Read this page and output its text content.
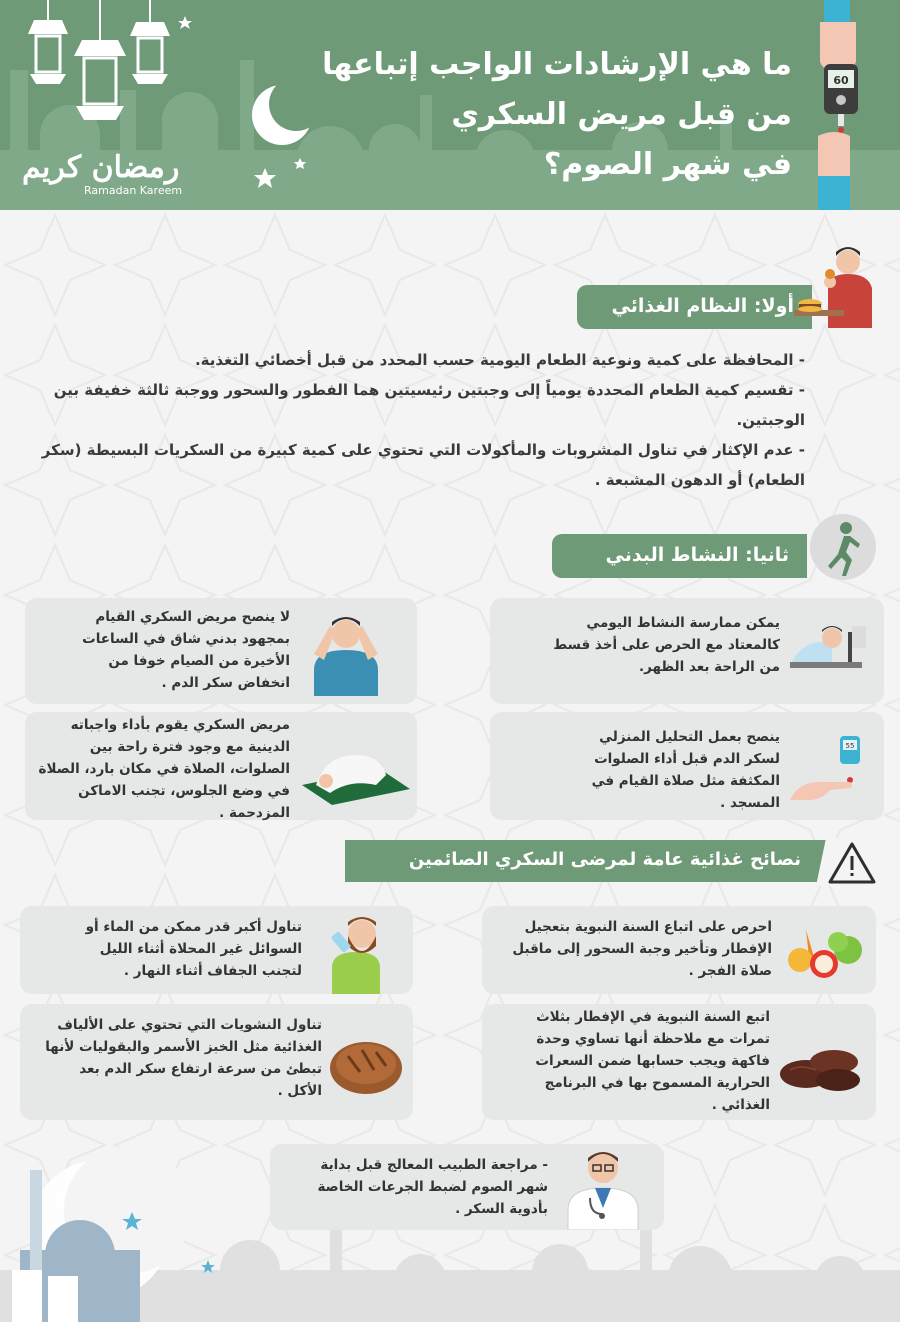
ما هي الإرشادات الواجب إتباعها
من قبل مريض السكري
في شهر الصوم؟
رمضان كريم
Ramadan Kareem
60
أولا: النظام الغذائي

- المحافظة على كمية ونوعية الطعام اليومية حسب المحدد من قبل أخصائي التغذية.

- تقسيم كمية الطعام المحددة يومياً إلى وجبتين رئيسيتين هما الفطور والسحور ووجبة ثالثة خفيفة بين الوجبتين.

- عدم الإكثار في تناول المشروبات والمأكولات التي تحتوي على كمية كبيرة من السكريات البسيطة (سكر الطعام) أو الدهون المشبعة .

ثانيا: النشاط البدني
يمكن ممارسة النشاط اليومي كالمعتاد مع الحرص على أخذ قسط من الراحة بعد الظهر.
لا ينصح مريض السكري القيام بمجهود بدني شاق في الساعات الأخيرة من الصيام خوفا من انخفاض سكر الدم .
ينصح بعمل التحليل المنزلي لسكر الدم قبل أداء الصلوات المكثفة مثل صلاة القيام في المسجد .
55
مريض السكري يقوم بأداء واجباته الدينية مع وجود فترة راحة بين الصلوات، الصلاة في مكان بارد، الصلاة في وضع الجلوس، تجنب الاماكن المزدحمة .
نصائح غذائية عامة لمرضى السكري الصائمين
احرص على اتباع السنة النبوية بتعجيل الإفطار وتأخير وجبة السحور إلى ماقبل صلاة الفجر .
تناول أكبر قدر ممكن من الماء أو السوائل غير المحلاة أثناء الليل لتجنب الجفاف أثناء النهار .
اتبع السنة النبوية في الإفطار بثلاث تمرات مع ملاحظة أنها تساوي وحدة فاكهة ويجب حسابها ضمن السعرات الحرارية المسموح بها في البرنامج الغذائي .
تناول النشويات التي تحتوي على الألياف الغذائية مثل الخبز الأسمر والبقوليات لأنها تبطئ من سرعة ارتفاع سكر الدم بعد الأكل .
- مراجعة الطبيب المعالج قبل بداية شهر الصوم لضبط الجرعات الخاصة بأدوية السكر .
